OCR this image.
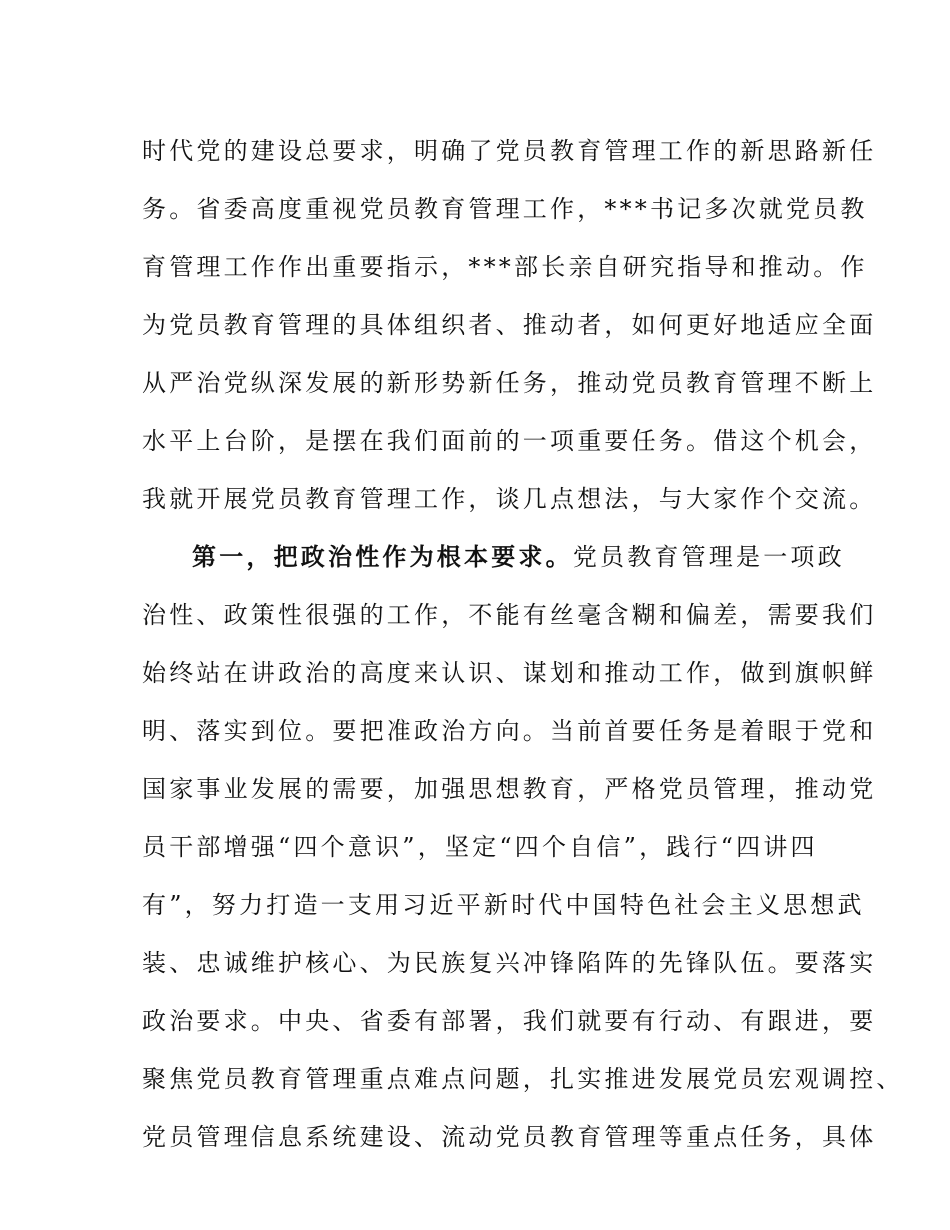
时代党的建设总要求，明确了党员教育管理工作的新思路新任
务。省委高度重视党员教育管理工作，***书记多次就党员教
育管理工作作出重要指示，***部长亲自研究指导和推动。作
为党员教育管理的具体组织者、推动者，如何更好地适应全面
从严治党纵深发展的新形势新任务，推动党员教育管理不断上
水平上台阶，是摆在我们面前的一项重要任务。借这个机会，
我就开展党员教育管理工作，谈几点想法，与大家作个交流。
第一，把政治性作为根本要求。党员教育管理是一项政
治性、政策性很强的工作，不能有丝毫含糊和偏差，需要我们
始终站在讲政治的高度来认识、谋划和推动工作，做到旗帜鲜
明、落实到位。要把准政治方向。当前首要任务是着眼于党和
国家事业发展的需要，加强思想教育，严格党员管理，推动党
员干部增强“四个意识”，坚定“四个自信”，践行“四讲四
有”，努力打造一支用习近平新时代中国特色社会主义思想武
装、忠诚维护核心、为民族复兴冲锋陷阵的先锋队伍。要落实
政治要求。中央、省委有部署，我们就要有行动、有跟进，要
聚焦党员教育管理重点难点问题，扎实推进发展党员宏观调控、
党员管理信息系统建设、流动党员教育管理等重点任务，具体
